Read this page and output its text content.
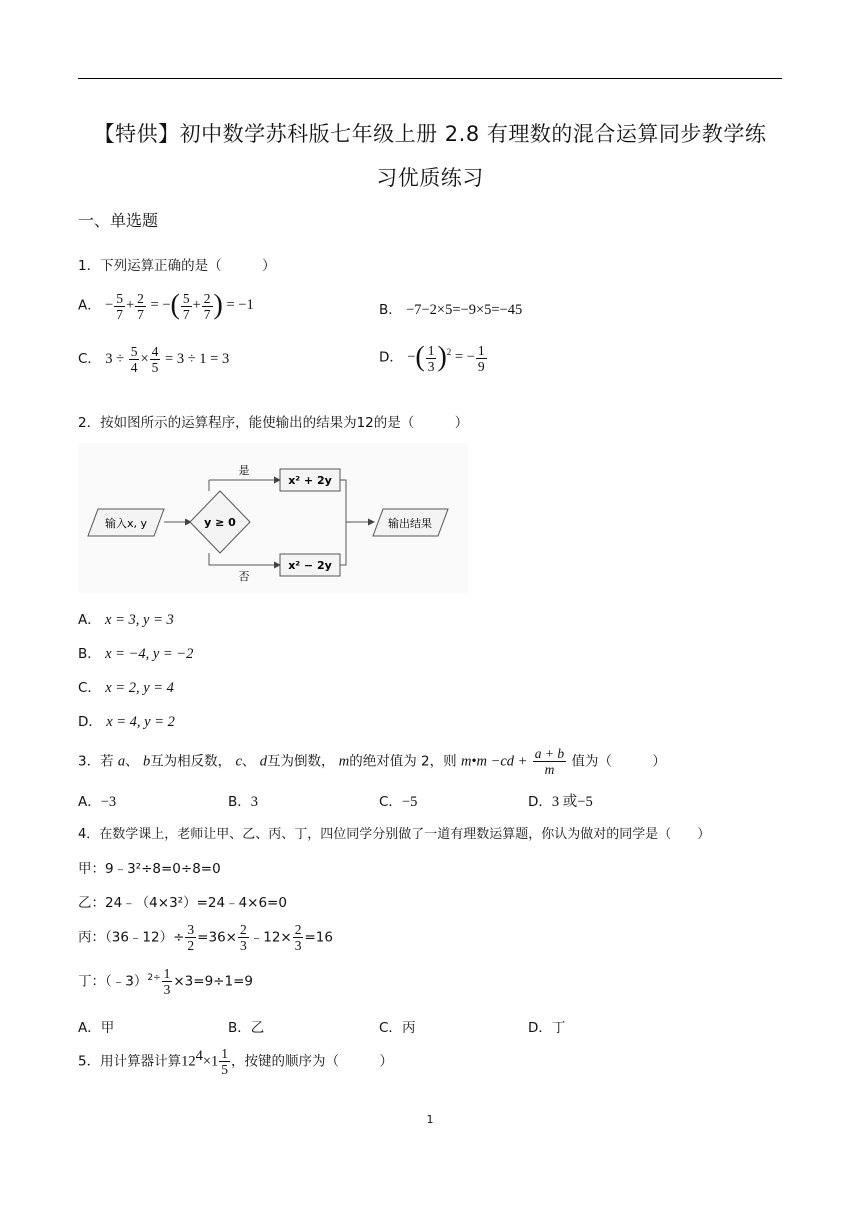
【特供】初中数学苏科版七年级上册 2.8 有理数的混合运算同步教学练
习优质练习
一、单选题
1．下列运算正确的是（　　　）
A． − $\frac{5}{7} + \frac{2}{7}$ = −( $\frac{5}{7} + \frac{2}{7}$ ) = −1	B． −7−2×5=−9×5=−45
C． $3 \div \frac{5}{4} \times \frac{4}{5} = 3 \div 1 = 3$	D． −( $\frac{1}{3} )^2$ = − $\frac{1}{9}$
2．按如图所示的运算程序，能使输出的结果为12的是（　　　）
输入x, y	y ≥ 0
是
否
x² + 2y
x² − 2y
输出结果
A． x = 3, y = 3
B． x = −4, y = −2
C． x = 2, y = 4
D． x = 4, y = 2
3．若 a、 b互为相反数， c、 d互为倒数， m的绝对值为 2，则 m•m $-cd + \frac{a + b}{m}$ 值为（　　　）
A．−3	B．3	C．−5	D．3 或−5
4．在数学课上，老师让甲、乙、丙、丁，四位同学分别做了一道有理数运算题，你认为做对的同学是（　　）
甲：9﹣3²÷8=0÷8=0
乙：24﹣（4×3²）=24﹣4×6=0
丙：（36﹣12）÷ $\frac{3}{2} =36\times \frac{2}{3}$ ﹣12× $\frac{2}{3} =16$
丁：（﹣3）$^{2\div}$ $\frac{1}{3} \times 3=9\div 1=9$
A．甲	B．乙	C．丙	D．丁
5．用计算器计算$12^4\times 1 \frac{1}{5}$ ，按键的顺序为（　　　）
1
